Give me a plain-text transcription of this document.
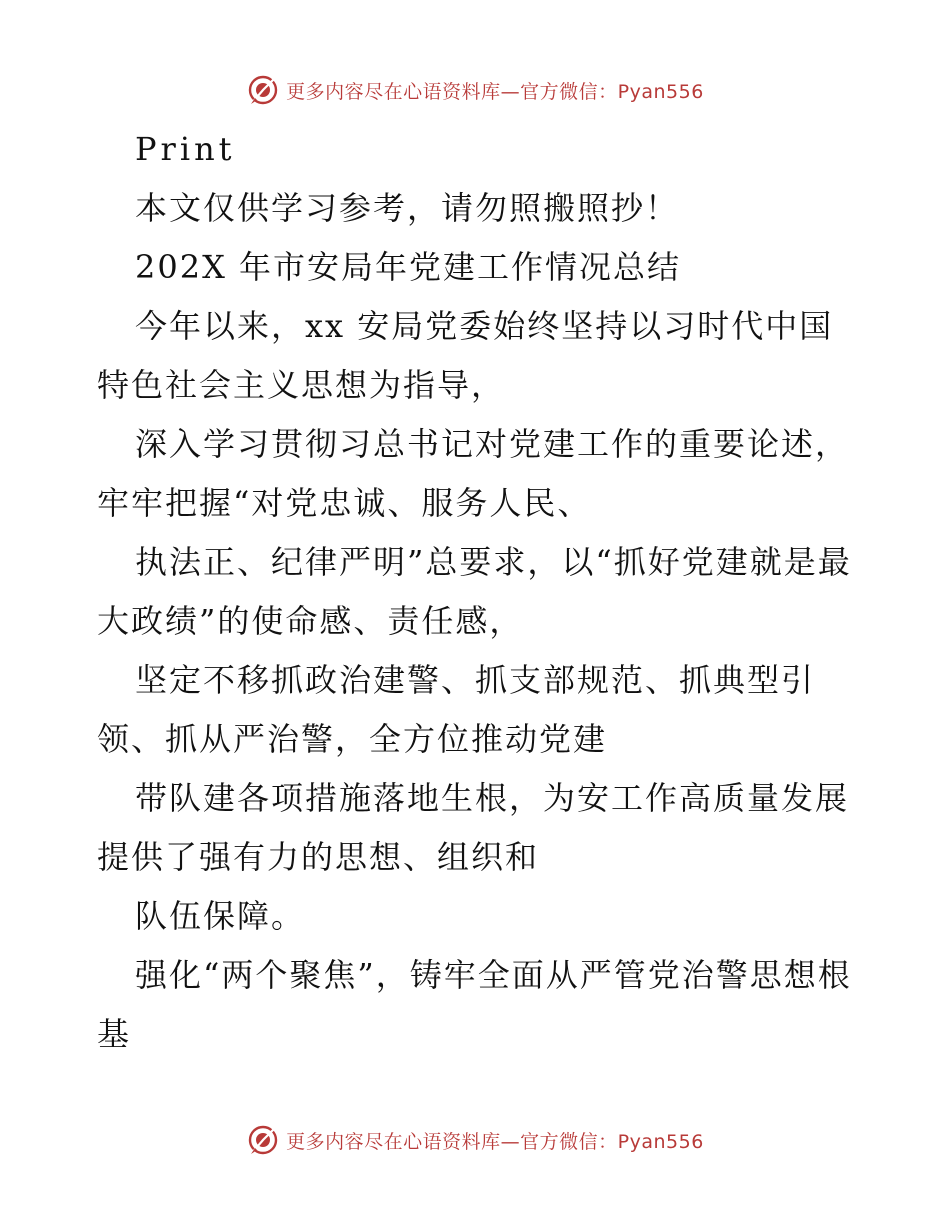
更多内容尽在心语资料库—官方微信：Pyan556

Print

本文仅供学习参考，请勿照搬照抄！

202X 年市安局年党建工作情况总结

今年以来，xx 安局党委始终坚持以习时代中国特色社会主义思想为指导，

深入学习贯彻习总书记对党建工作的重要论述，牢牢把握“对党忠诚、服务人民、

执法正、纪律严明”总要求，以“抓好党建就是最大政绩”的使命感、责任感，

坚定不移抓政治建警、抓支部规范、抓典型引领、抓从严治警，全方位推动党建

带队建各项措施落地生根，为安工作高质量发展提供了强有力的思想、组织和

队伍保障。

强化“两个聚焦”，铸牢全面从严管党治警思想根基

更多内容尽在心语资料库—官方微信：Pyan556
